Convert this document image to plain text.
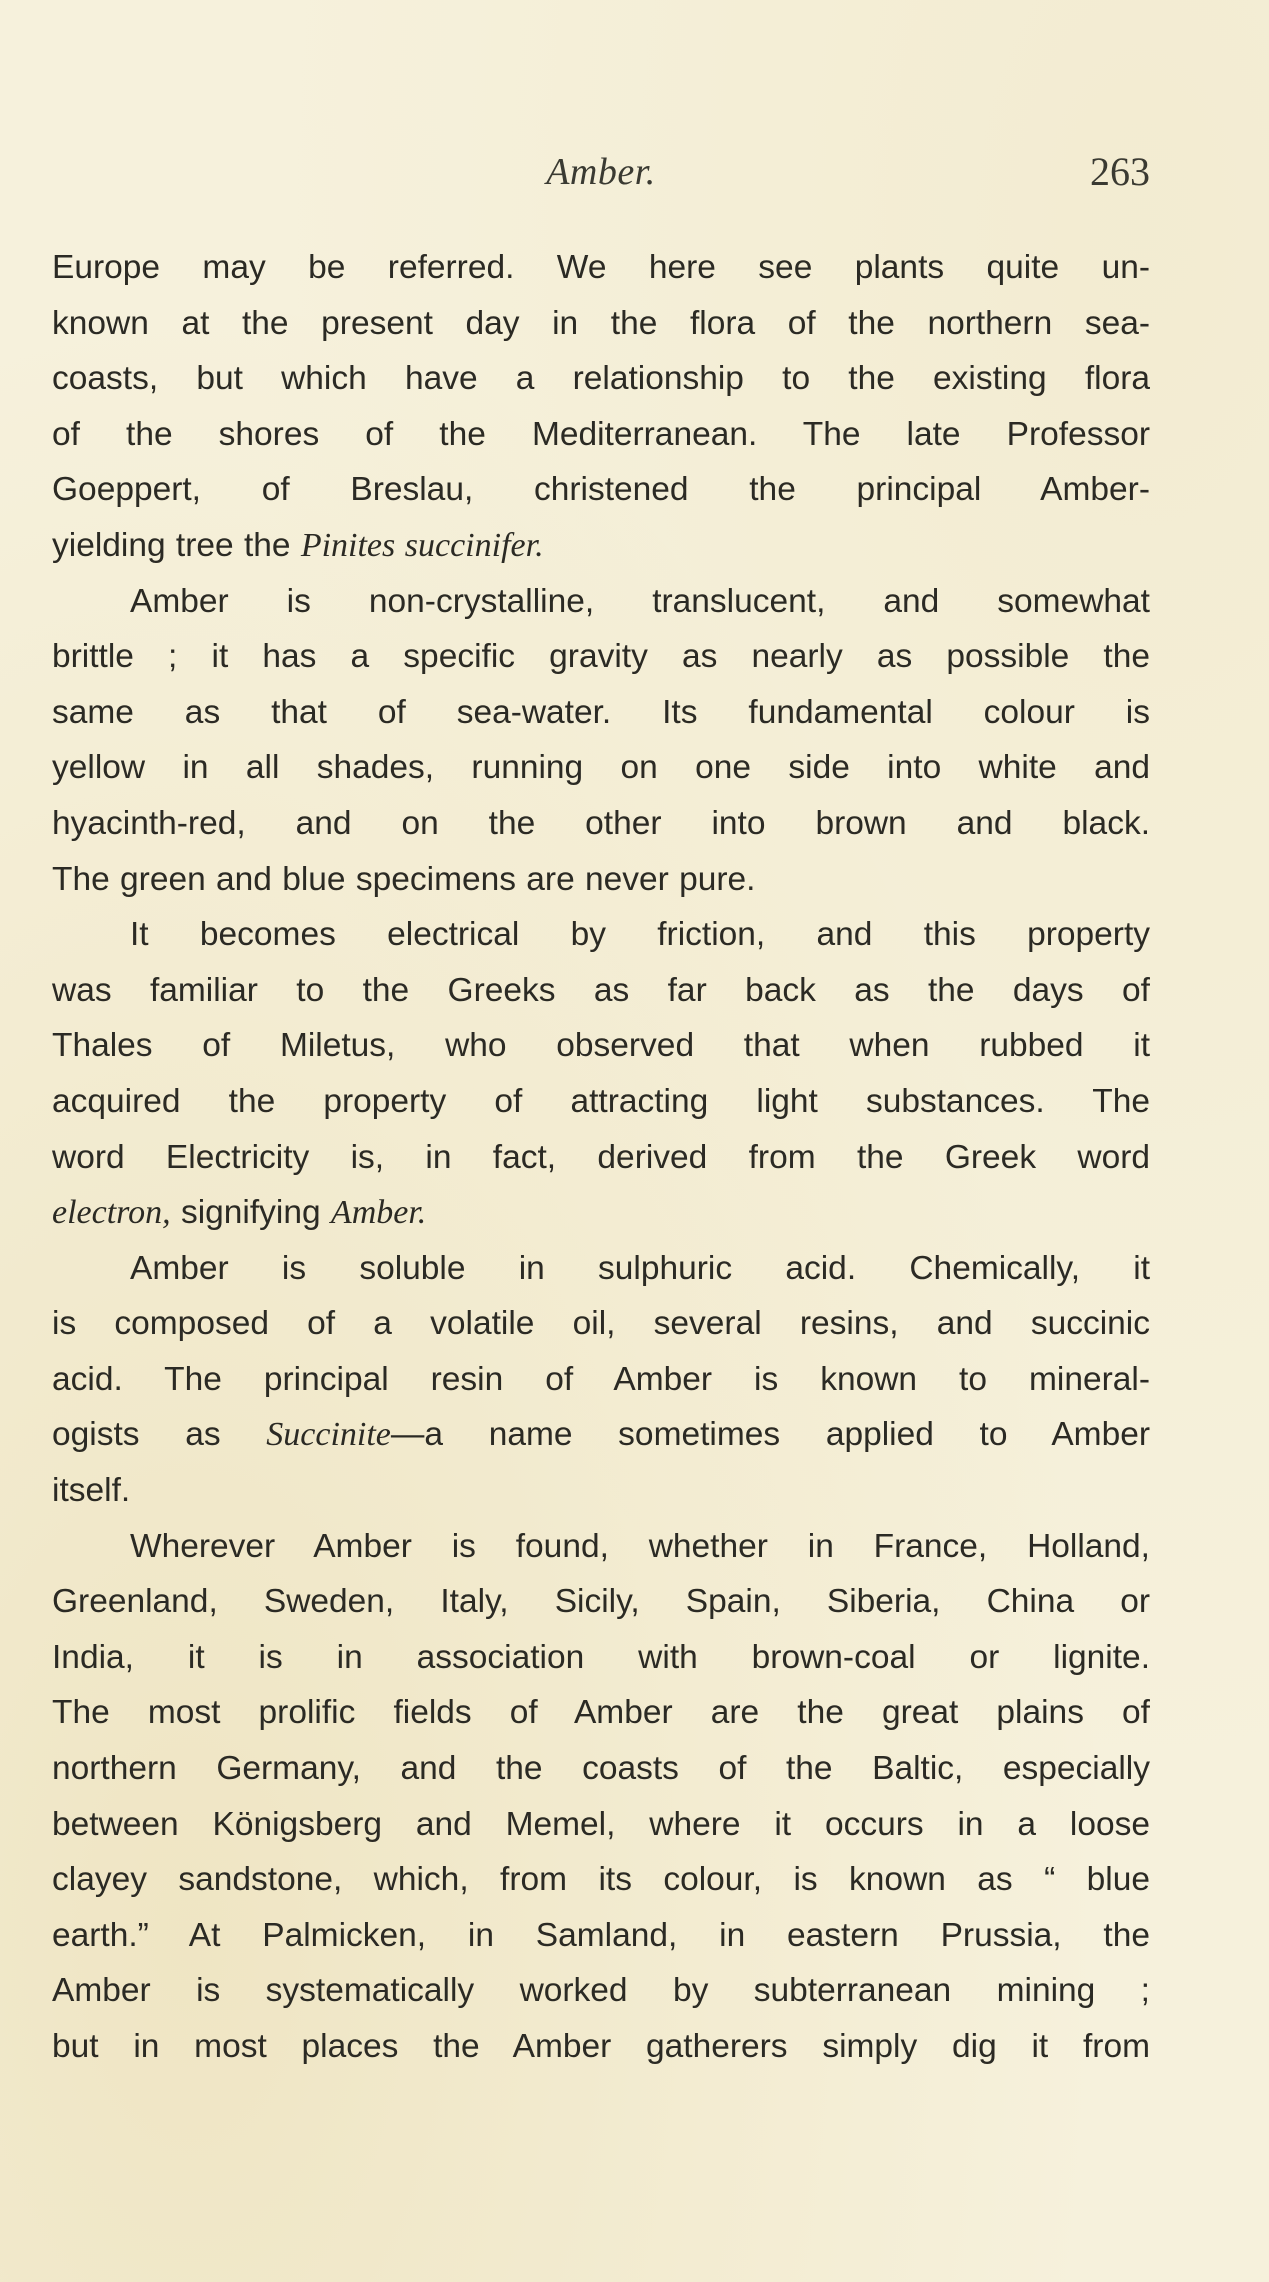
Amber.	263
Europe may be referred. We here see plants quite un-
known at the present day in the flora of the northern sea-
coasts, but which have a relationship to the existing flora
of the shores of the Mediterranean. The late Professor
Goeppert, of Breslau, christened the principal Amber-
yielding tree the Pinites succinifer.
Amber is non-crystalline, translucent, and somewhat
brittle ; it has a specific gravity as nearly as possible the
same as that of sea-water. Its fundamental colour is
yellow in all shades, running on one side into white and
hyacinth-red, and on the other into brown and black.
The green and blue specimens are never pure.
It becomes electrical by friction, and this property
was familiar to the Greeks as far back as the days of
Thales of Miletus, who observed that when rubbed it
acquired the property of attracting light substances. The
word Electricity is, in fact, derived from the Greek word
electron, signifying Amber.
Amber is soluble in sulphuric acid. Chemically, it
is composed of a volatile oil, several resins, and succinic
acid. The principal resin of Amber is known to mineral-
ogists as Succinite—a name sometimes applied to Amber
itself.
Wherever Amber is found, whether in France, Holland,
Greenland, Sweden, Italy, Sicily, Spain, Siberia, China or
India, it is in association with brown-coal or lignite.
The most prolific fields of Amber are the great plains of
northern Germany, and the coasts of the Baltic, especially
between Königsberg and Memel, where it occurs in a loose
clayey sandstone, which, from its colour, is known as “ blue
earth.” At Palmicken, in Samland, in eastern Prussia, the
Amber is systematically worked by subterranean mining ;
but in most places the Amber gatherers simply dig it from
